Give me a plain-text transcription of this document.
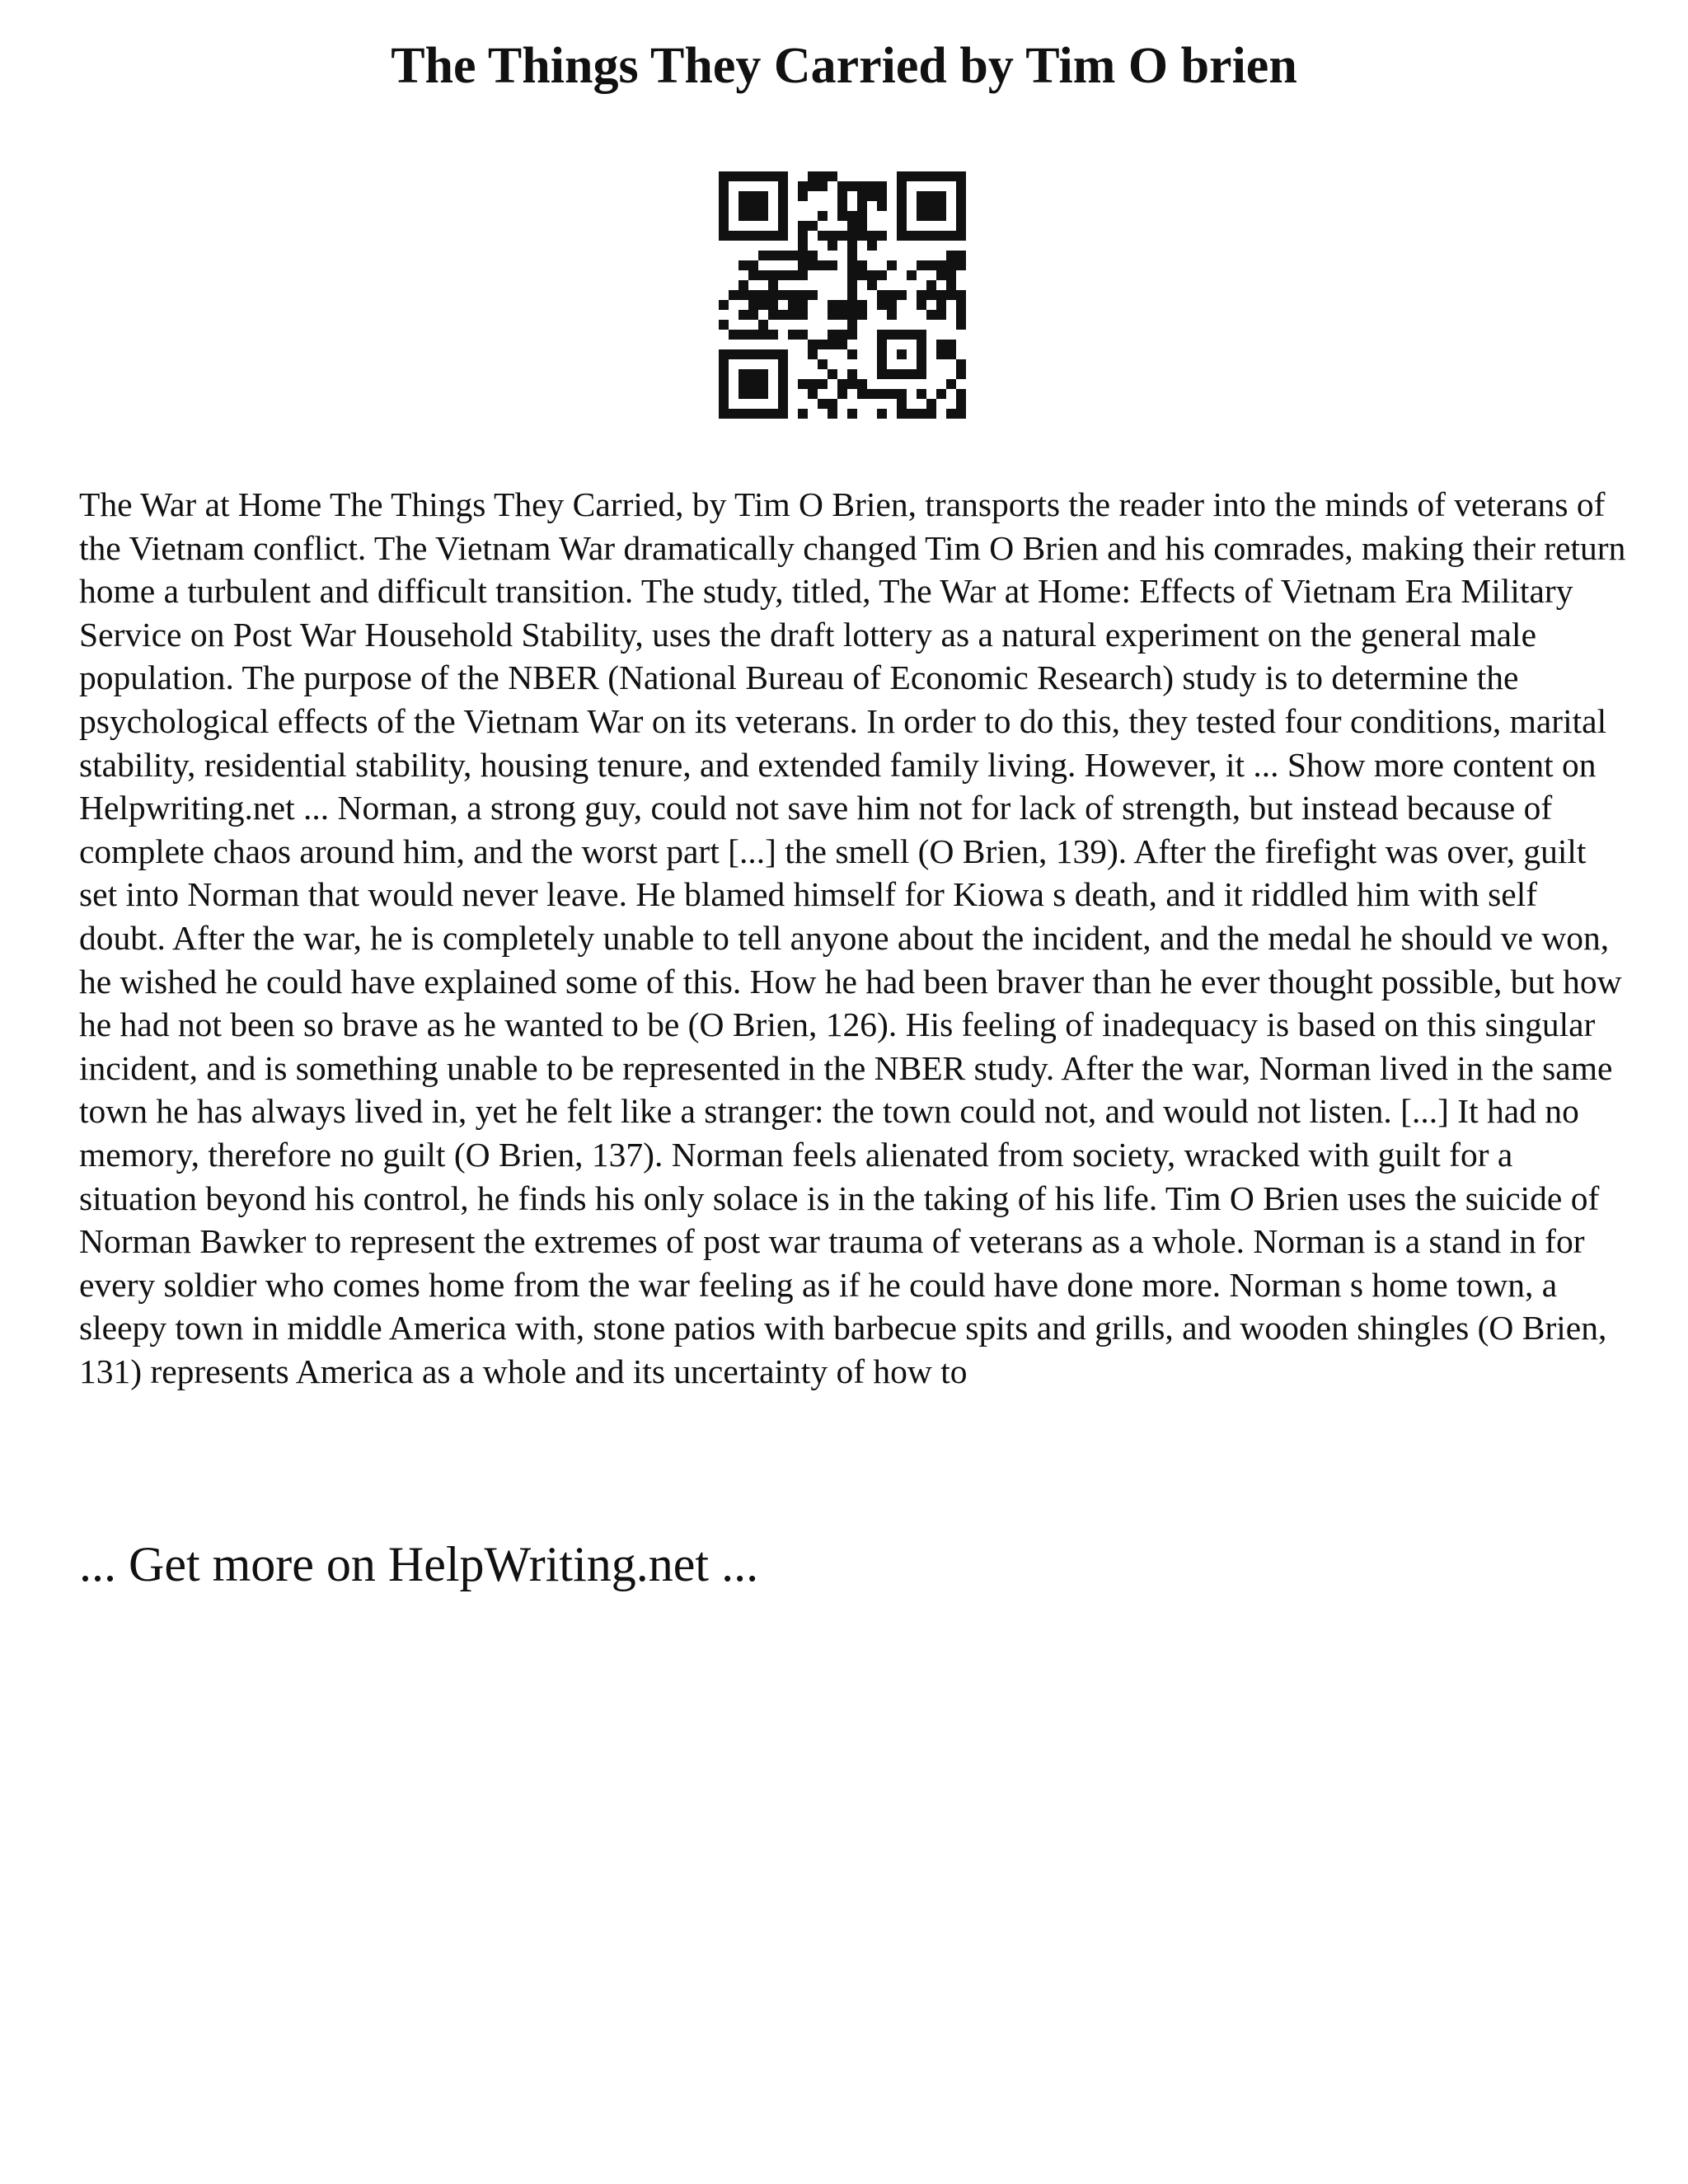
The Things They Carried by Tim O brien

The War at Home The Things They Carried, by Tim O Brien, transports the reader into the minds of veterans of the Vietnam conflict. The Vietnam War dramatically changed Tim O Brien and his comrades, making their return home a turbulent and difficult transition. The study, titled, The War at Home: Effects of Vietnam Era Military Service on Post War Household Stability, uses the draft lottery as a natural experiment on the general male population. The purpose of the NBER (National Bureau of Economic Research) study is to determine the psychological effects of the Vietnam War on its veterans. In order to do this, they tested four conditions, marital stability, residential stability, housing tenure, and extended family living. However, it ... Show more content on Helpwriting.net ... Norman, a strong guy, could not save him not for lack of strength, but instead because of complete chaos around him, and the worst part [...] the smell (O Brien, 139). After the firefight was over, guilt set into Norman that would never leave. He blamed himself for Kiowa s death, and it riddled him with self doubt. After the war, he is completely unable to tell anyone about the incident, and the medal he should ve won, he wished he could have explained some of this. How he had been braver than he ever thought possible, but how he had not been so brave as he wanted to be (O Brien, 126). His feeling of inadequacy is based on this singular incident, and is something unable to be represented in the NBER study. After the war, Norman lived in the same town he has always lived in, yet he felt like a stranger: the town could not, and would not listen. [...] It had no memory, therefore no guilt (O Brien, 137). Norman feels alienated from society, wracked with guilt for a situation beyond his control, he finds his only solace is in the taking of his life. Tim O Brien uses the suicide of Norman Bawker to represent the extremes of post war trauma of veterans as a whole. Norman is a stand in for every soldier who comes home from the war feeling as if he could have done more. Norman s home town, a sleepy town in middle America with, stone patios with barbecue spits and grills, and wooden shingles (O Brien, 131) represents America as a whole and its uncertainty of how to

... Get more on HelpWriting.net ...
